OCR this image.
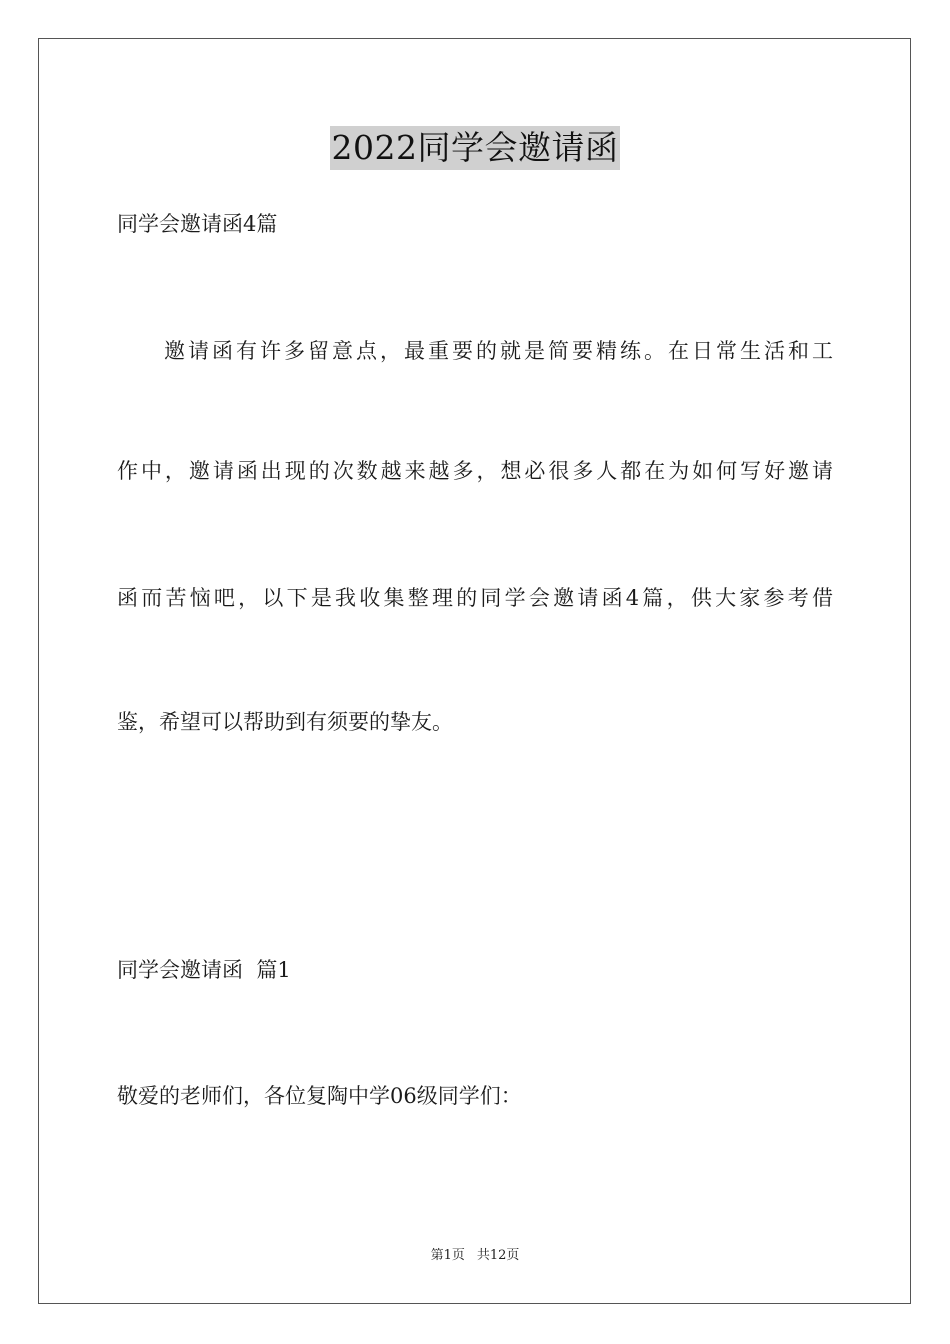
2022同学会邀请函
同学会邀请函4篇
邀请函有许多留意点，最重要的就是简要精练。在日常生活和工
作中，邀请函出现的次数越来越多，想必很多人都在为如何写好邀请
函而苦恼吧，以下是我收集整理的同学会邀请函4篇，供大家参考借
鉴，希望可以帮助到有须要的挚友。
同学会邀请函  篇1
敬爱的老师们，各位复陶中学06级同学们：
第1页 共12页
